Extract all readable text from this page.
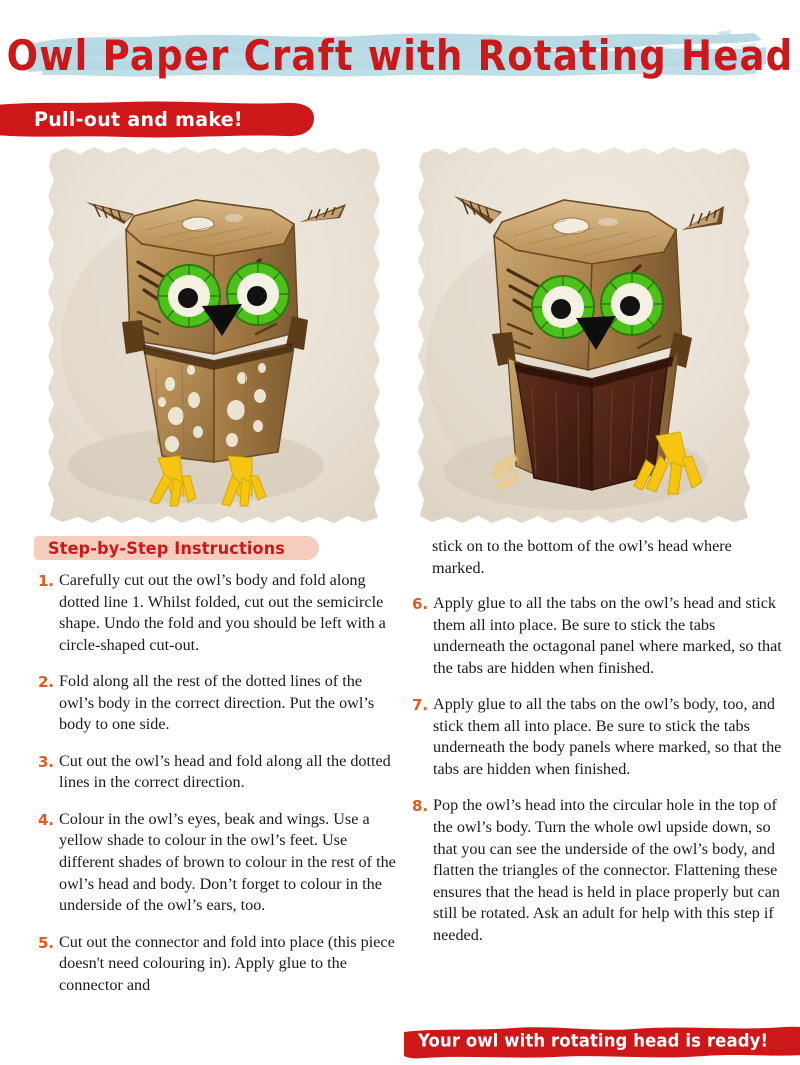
Owl Paper Craft with Rotating Head
Pull-out and make!
Step-by-Step Instructions
1. Carefully cut out the owl’s body and fold along dotted line 1. Whilst folded, cut out the semicircle shape. Undo the fold and you should be left with a circle-shaped cut-out.
2. Fold along all the rest of the dotted lines of the owl’s body in the correct direction. Put the owl’s body to one side.
3. Cut out the owl’s head and fold along all the dotted lines in the correct direction.
4. Colour in the owl’s eyes, beak and wings. Use a yellow shade to colour in the owl’s feet. Use different shades of brown to colour in the rest of the owl’s head and body. Don’t forget to colour in the underside of the owl’s ears, too.
5. Cut out the connector and fold into place (this piece doesn't need colouring in). Apply glue to the connector and

stick on to the bottom of the owl’s head where marked.

6. Apply glue to all the tabs on the owl’s head and stick them all into place. Be sure to stick the tabs underneath the octagonal panel where marked, so that the tabs are hidden when finished.
7. Apply glue to all the tabs on the owl’s body, too, and stick them all into place. Be sure to stick the tabs underneath the body panels where marked, so that the tabs are hidden when finished.
8. Pop the owl’s head into the circular hole in the top of the owl’s body. Turn the whole owl upside down, so that you can see the underside of the owl’s body, and flatten the triangles of the connector. Flattening these ensures that the head is held in place properly but can still be rotated. Ask an adult for help with this step if needed.
Your owl with rotating head is ready!
